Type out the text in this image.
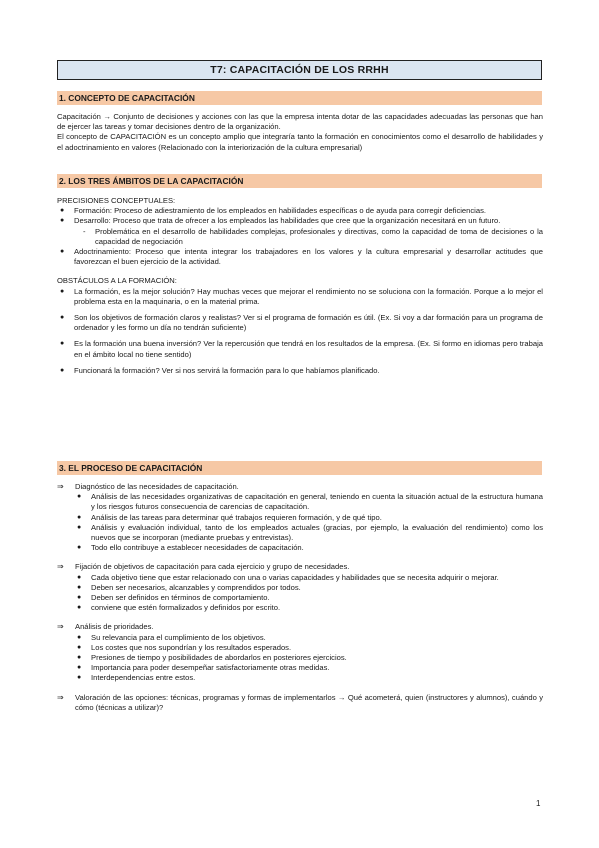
T7: CAPACITACIÓN DE LOS RRHH
1. CONCEPTO DE CAPACITACIÓN

Capacitación → Conjunto de decisiones y acciones con las que la empresa intenta dotar de las capacidades adecuadas las personas que han de ejercer las tareas y tomar decisiones dentro de la organización.

El concepto de CAPACITACIÓN es un concepto amplio que integraría tanto la formación en conocimientos como el desarrollo de habilidades y el adoctrinamiento en valores (Relacionado con la interiorización de la cultura empresarial)

2. LOS TRES ÁMBITOS DE LA CAPACITACIÓN

PRECISIONES CONCEPTUALES:

● Formación: Proceso de adiestramiento de los empleados en habilidades específicas o de ayuda para corregir deficiencias.
● Desarrollo: Proceso que trata de ofrecer a los empleados las habilidades que cree que la organización necesitará en un futuro.
- Problemática en el desarrollo de habilidades complejas, profesionales y directivas, como la capacidad de toma de decisiones o la capacidad de negociación
● Adoctrinamiento: Proceso que intenta integrar los trabajadores en los valores y la cultura empresarial y desarrollar actitudes que favorezcan el buen ejercicio de la actividad.

OBSTÁCULOS A LA FORMACIÓN:

● La formación, es la mejor solución? Hay muchas veces que mejorar el rendimiento no se soluciona con la formación. Porque a lo mejor el problema esta en la maquinaria, o en la material prima.
● Son los objetivos de formación claros y realistas? Ver si el programa de formación es útil. (Ex. Si voy a dar formación para un programa de ordenador y les formo un día no tendrán suficiente)
● Es la formación una buena inversión? Ver la repercusión que tendrá en los resultados de la empresa. (Ex. Si formo en idiomas pero trabaja en el ámbito local no tiene sentido)
● Funcionará la formación? Ver si nos servirá la formación para lo que habíamos planificado.
3. EL PROCESO DE CAPACITACIÓN
⇒ Diagnóstico de las necesidades de capacitación.
● Análisis de las necesidades organizativas de capacitación en general, teniendo en cuenta la situación actual de la estructura humana y los riesgos futuros consecuencia de carencias de capacitación.
● Análisis de las tareas para determinar qué trabajos requieren formación, y de qué tipo.
● Análisis y evaluación individual, tanto de los empleados actuales (gracias, por ejemplo, la evaluación del rendimiento) como los nuevos que se incorporan (mediante pruebas y entrevistas).
● Todo ello contribuye a establecer necesidades de capacitación.
⇒ Fijación de objetivos de capacitación para cada ejercicio y grupo de necesidades.
● Cada objetivo tiene que estar relacionado con una o varias capacidades y habilidades que se necesita adquirir o mejorar.
● Deben ser necesarios, alcanzables y comprendidos por todos.
● Deben ser definidos en términos de comportamiento.
● conviene que estén formalizados y definidos por escrito.
⇒ Análisis de prioridades.
● Su relevancia para el cumplimiento de los objetivos.
● Los costes que nos supondrían y los resultados esperados.
● Presiones de tiempo y posibilidades de abordarlos en posteriores ejercicios.
● Importancia para poder desempeñar satisfactoriamente otras medidas.
● Interdependencias entre estos.
⇒ Valoración de las opciones: técnicas, programas y formas de implementarlos → Qué acometerá, quien (instructores y alumnos), cuándo y cómo (técnicas a utilizar)?
1
